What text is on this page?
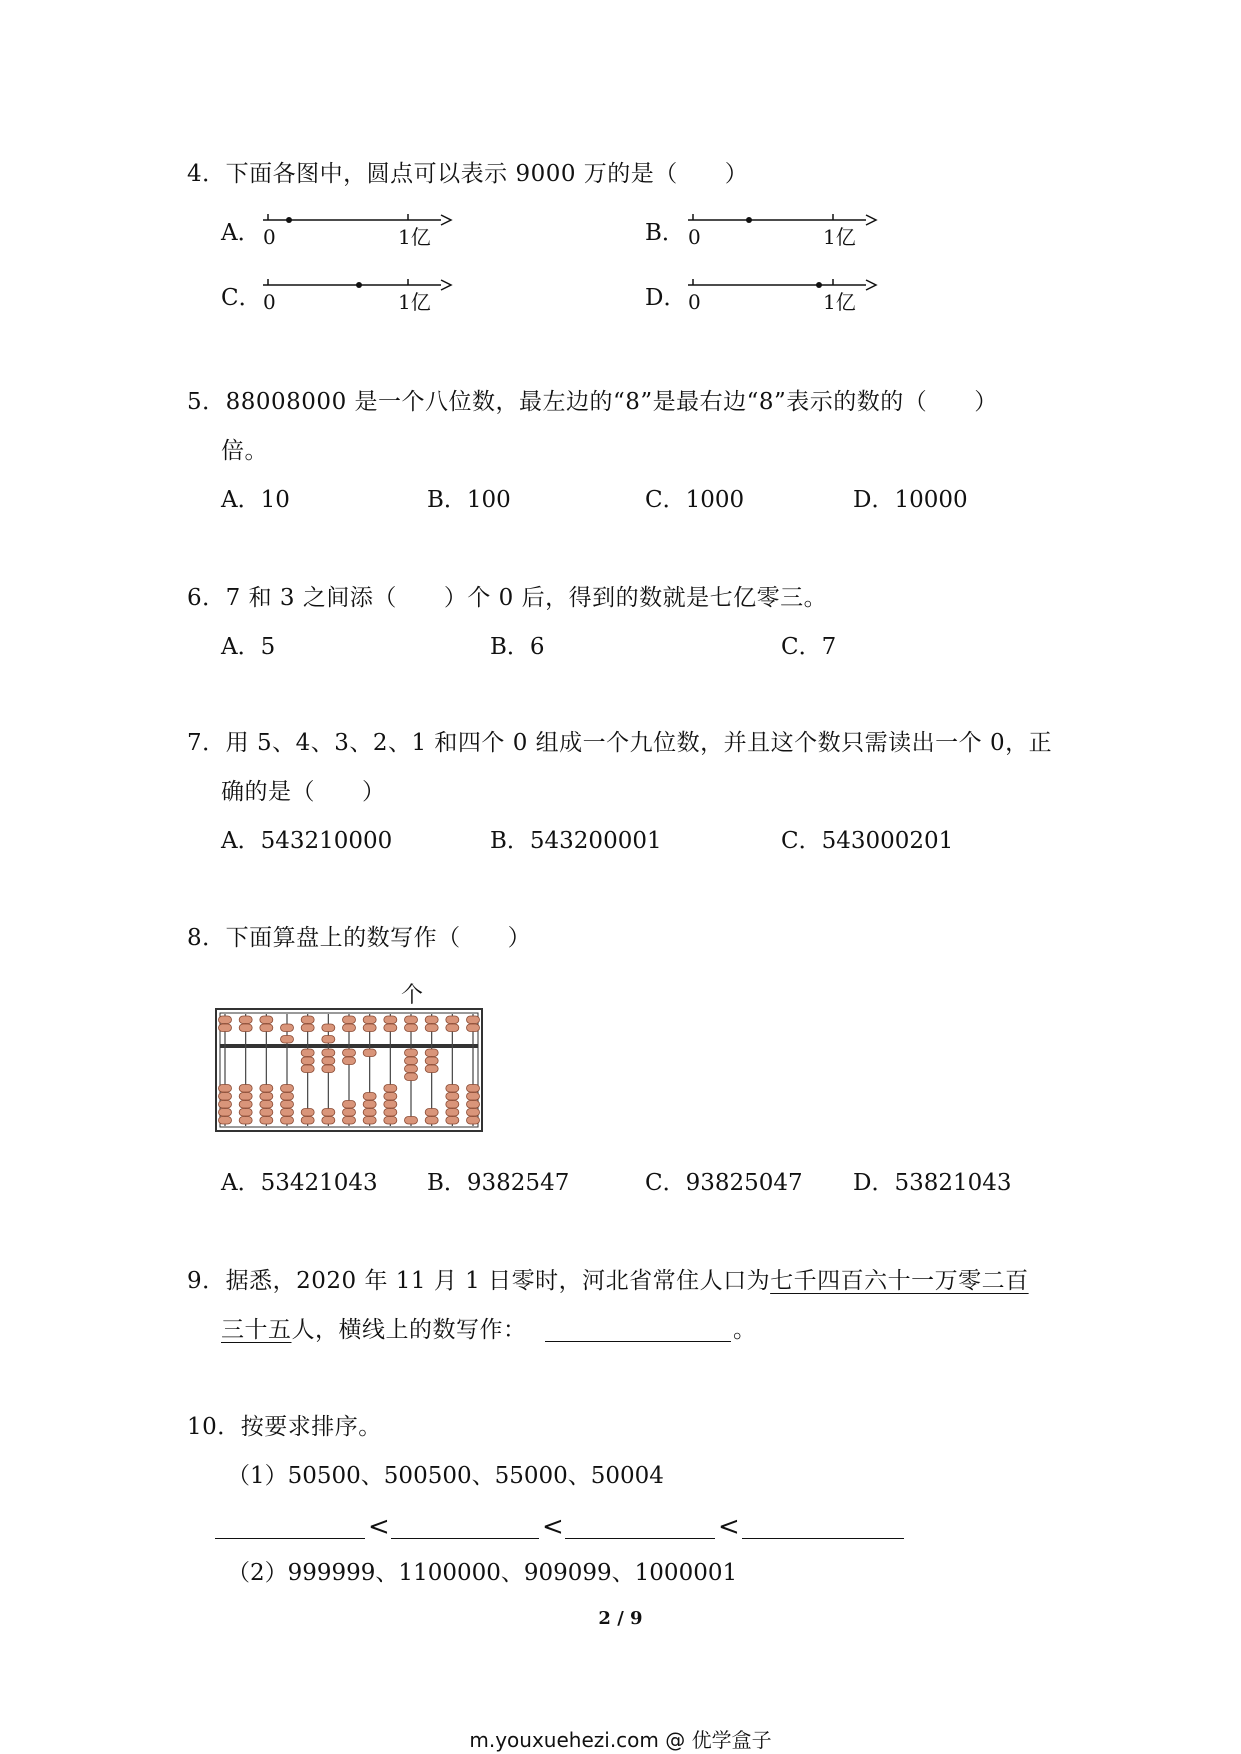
4．下面各图中，圆点可以表示 9000 万的是（　　）
A． 0	1亿	B． 0	1亿
C． 0	1亿	D． 0	1亿
5．88008000 是一个八位数，最左边的“8”是最右边“8”表示的数的（　　）
倍。
A．10	B．100	C．1000	D．10000
6．7 和 3 之间添（　　）个 0 后，得到的数就是七亿零三。
A．5	B．6	C．7
7．用 5、4、3、2、1 和四个 0 组成一个九位数，并且这个数只需读出一个 0，正
确的是（　　）
A．543210000	B．543200001	C．543000201
8．下面算盘上的数写作（　　）
个
A．53421043 B．9382547	C．93825047 D．53821043
9．据悉，2020 年 11 月 1 日零时，河北省常住人口为七千四百六十一万零二百
三十五人，横线上的数写作：	。
10．按要求排序。
（1）50500、500500、55000、50004
<	<	<
（2）999999、1100000、909099、1000001
2 / 9
m.youxuehezi.com @ 优学盒子
